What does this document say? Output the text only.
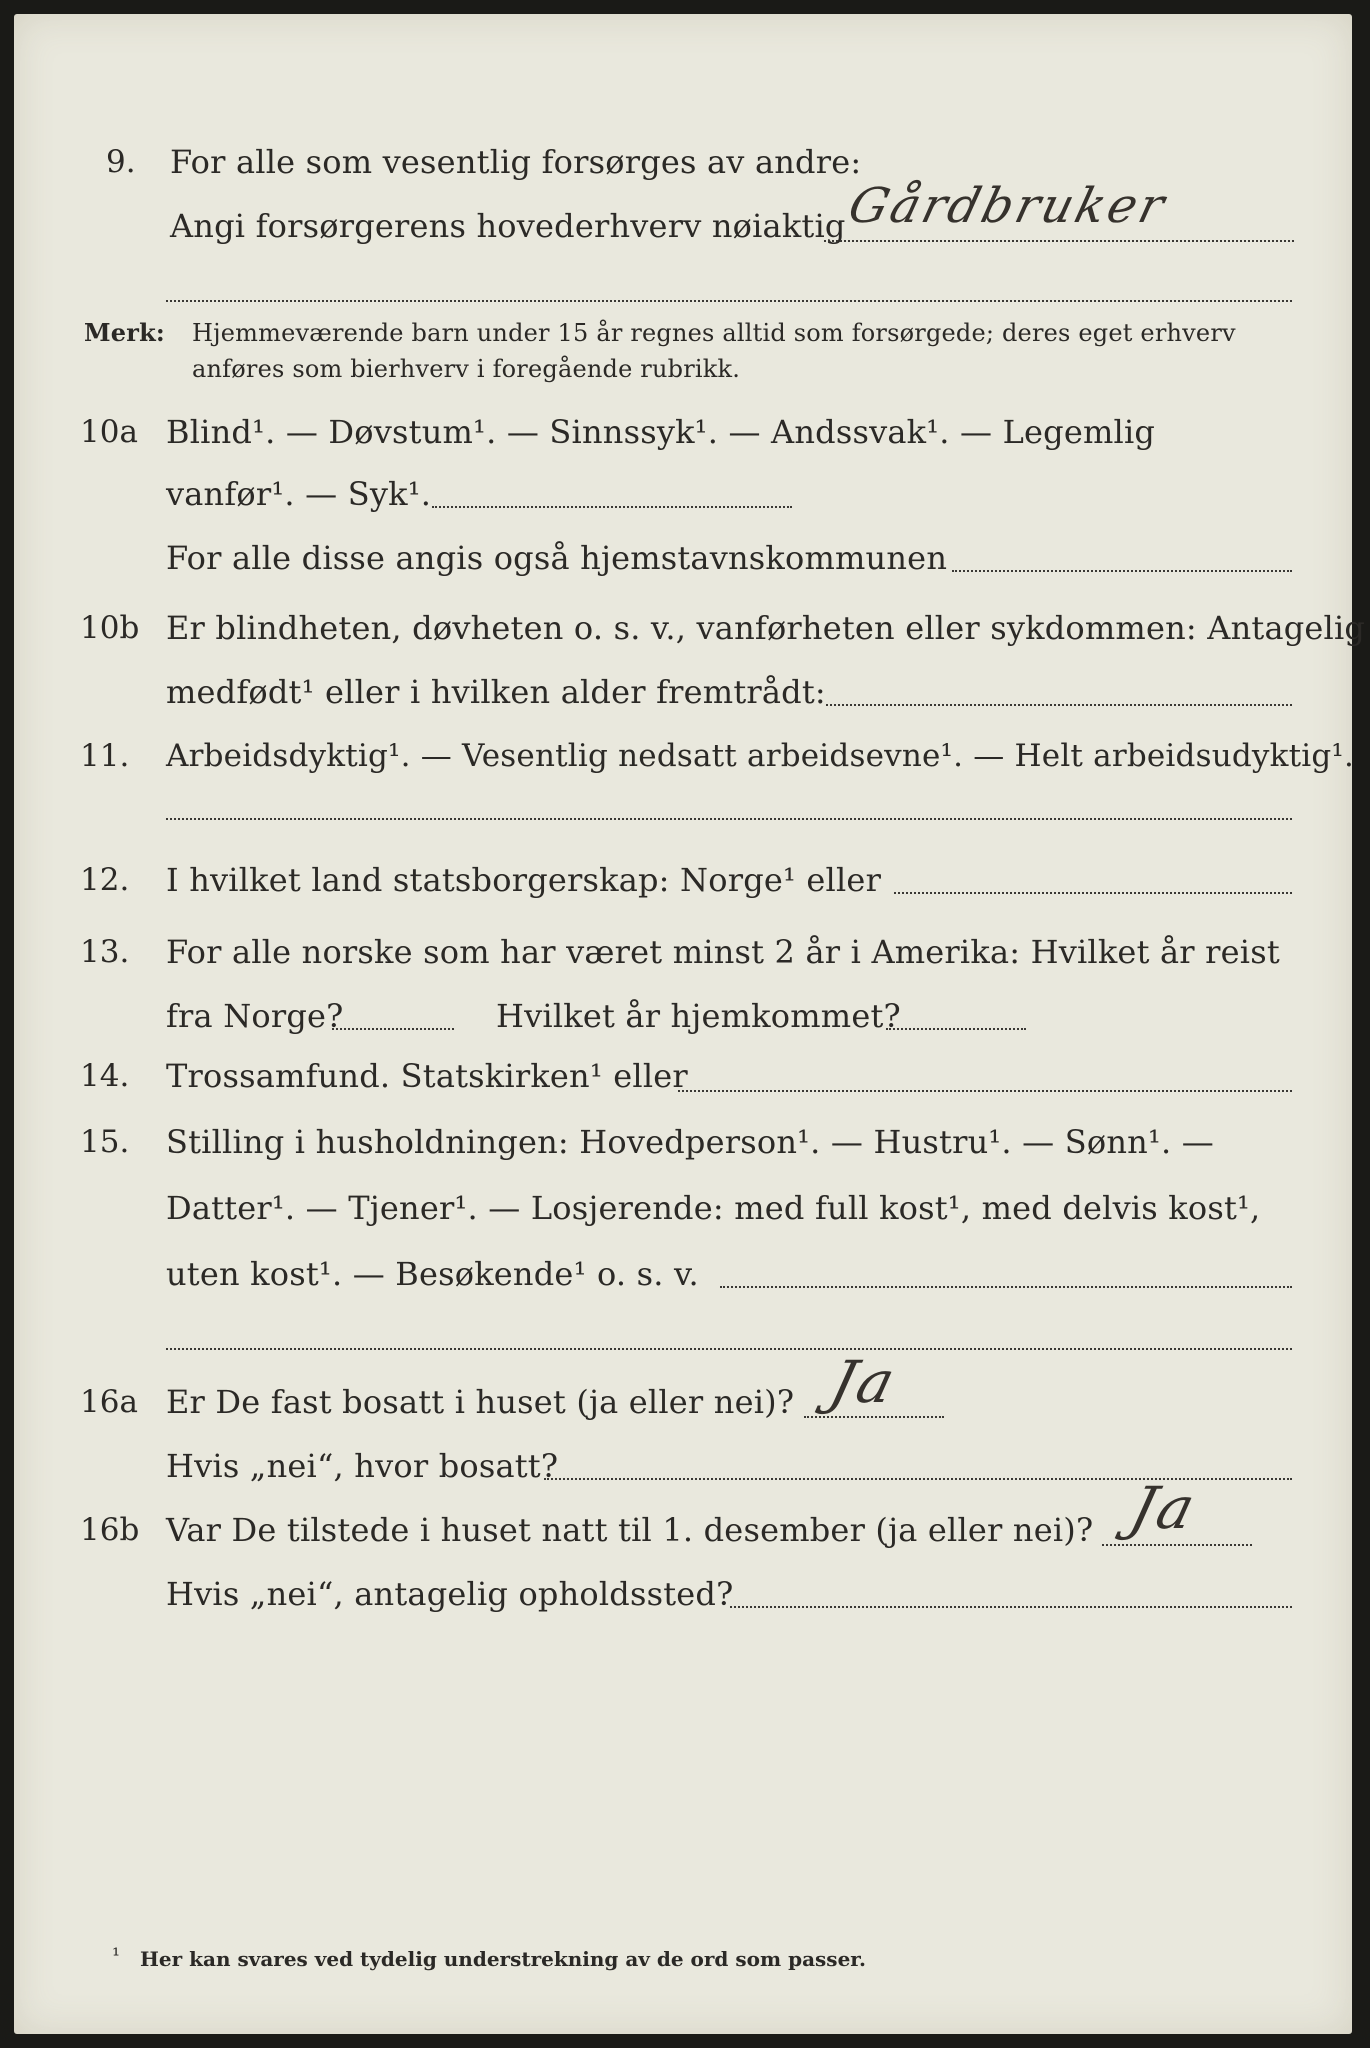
9. For alle som vesentlig forsørges av andre:
Angi forsørgerens hovederhverv nøiaktig
Gårdbruker
Merk: Hjemmeværende barn under 15 år regnes alltid som forsørgede; deres eget erhverv
anføres som bierhverv i foregående rubrikk.
10a Blind¹. — Døvstum¹. — Sinnssyk¹. — Andssvak¹. — Legemlig
vanfør¹. — Syk¹.
For alle disse angis også hjemstavnskommunen
10b Er blindheten, døvheten o. s. v., vanførheten eller sykdommen: Antagelig
medfødt¹ eller i hvilken alder fremtrådt:
11. Arbeidsdyktig¹. — Vesentlig nedsatt arbeidsevne¹. — Helt arbeidsudyktig¹.
12. I hvilket land statsborgerskap: Norge¹ eller
13. For alle norske som har været minst 2 år i Amerika: Hvilket år reist
fra Norge?	Hvilket år hjemkommet?
14. Trossamfund. Statskirken¹ eller
15. Stilling i husholdningen: Hovedperson¹. — Hustru¹. — Sønn¹. —
Datter¹. — Tjener¹. — Losjerende: med full kost¹, med delvis kost¹,
uten kost¹. — Besøkende¹ o. s. v.
16a Er De fast bosatt i huset (ja eller nei)? Ja
Hvis „nei“, hvor bosatt?
16b Var De tilstede i huset natt til 1. desember (ja eller nei)? Ja
Hvis „nei“, antagelig opholdssted?
¹ Her kan svares ved tydelig understrekning av de ord som passer.
